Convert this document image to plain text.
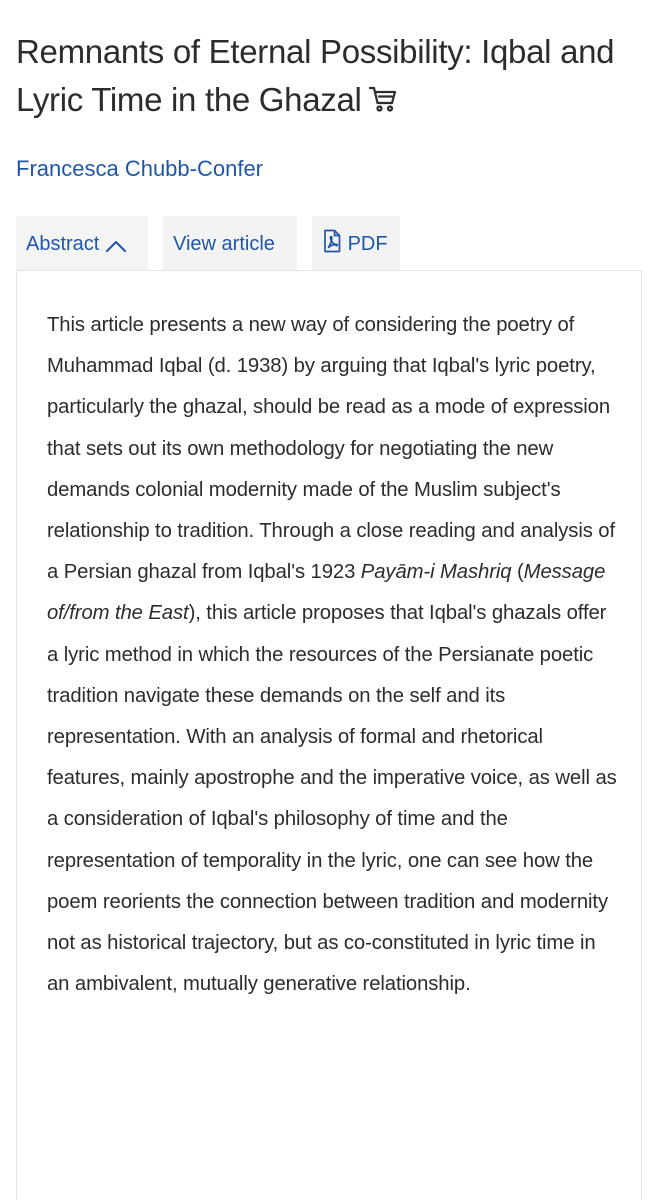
Remnants of Eternal Possibility: Iqbal and Lyric Time in the Ghazal
Francesca Chubb-Confer
Abstract	View article	PDF

This article presents a new way of considering the poetry of Muhammad Iqbal (d. 1938) by arguing that Iqbal's lyric poetry, particularly the ghazal, should be read as a mode of expression that sets out its own methodology for negotiating the new demands colonial modernity made of the Muslim subject's relationship to tradition. Through a close reading and analysis of a Persian ghazal from Iqbal's 1923 Payām-i Mashriq (Message of/from the East), this article proposes that Iqbal's ghazals offer a lyric method in which the resources of the Persianate poetic tradition navigate these demands on the self and its representation. With an analysis of formal and rhetorical features, mainly apostrophe and the imperative voice, as well as a consideration of Iqbal's philosophy of time and the representation of temporality in the lyric, one can see how the poem reorients the connection between tradition and modernity not as historical trajectory, but as co-constituted in lyric time in an ambivalent, mutually generative relationship.
